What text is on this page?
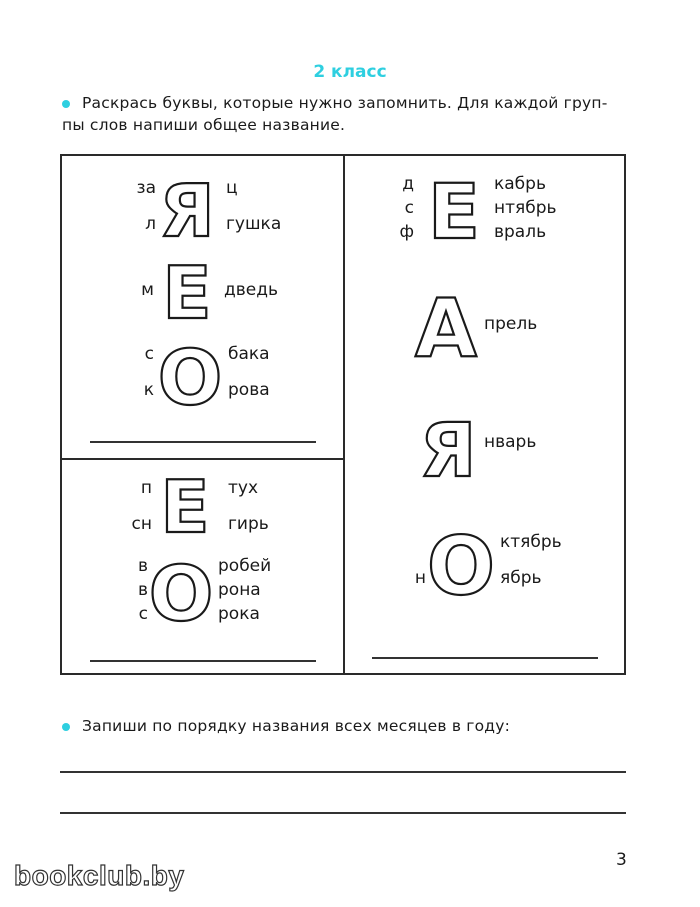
2 класс
Раскрась буквы, которые нужно запомнить. Для каждой груп-
пы слов напиши общее название.
за
л Я ц
гушка
м Е дведь
с
к О бака
рова
п
сн Е тух
гирь
в
в
с О робей
рона
рока
д
с
ф Е кабрь
нтябрь
враль
А прель
Я нварь
н О ктябрь
ябрь
Запиши по порядку названия всех месяцев в году:
3
bookclub.by
